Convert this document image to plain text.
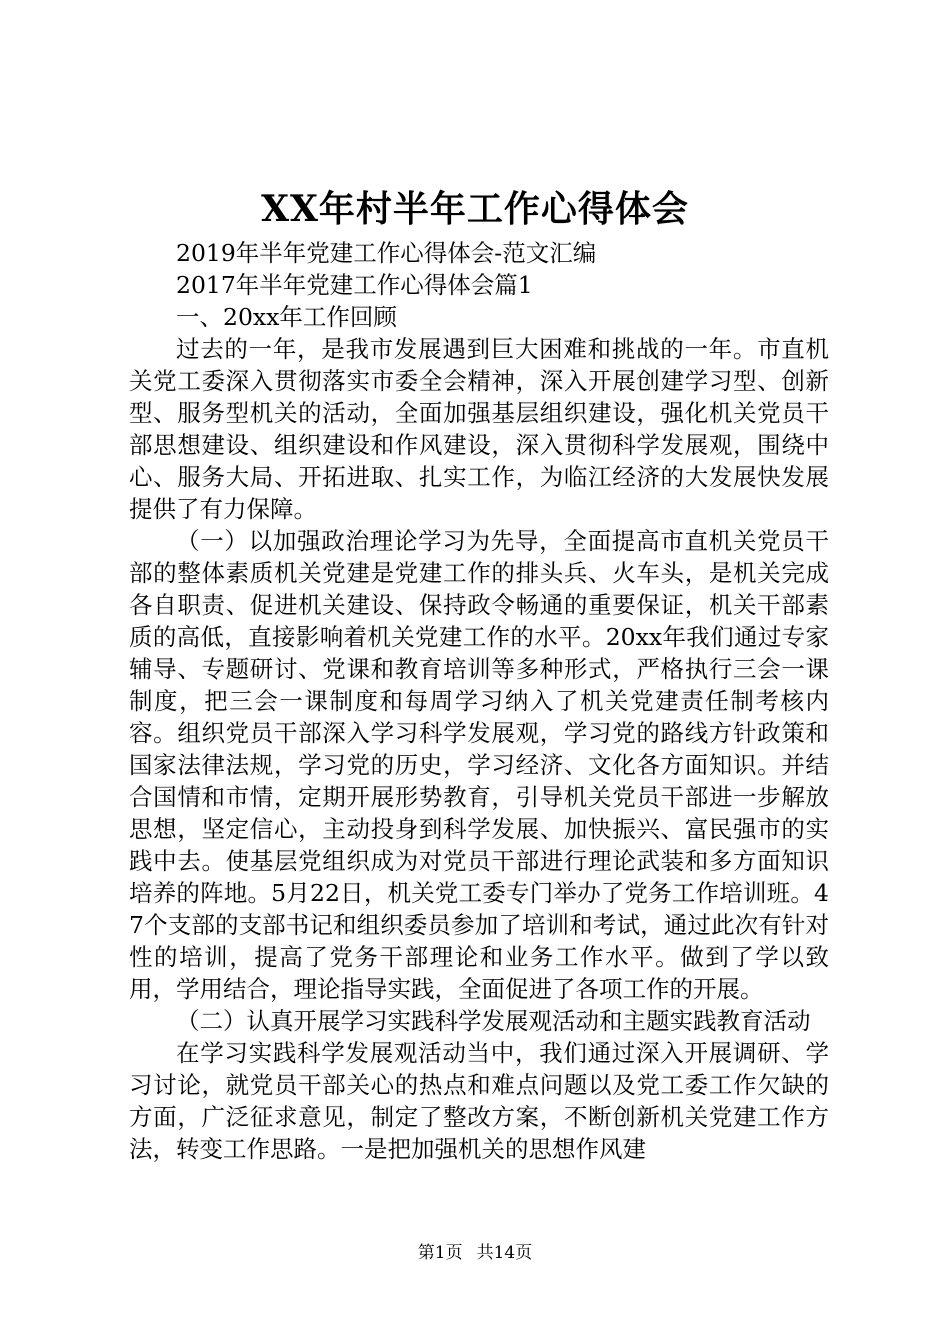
XX年村半年工作心得体会

2019年半年党建工作心得体会-范文汇编

2017年半年党建工作心得体会篇1

一、20xx年工作回顾

过去的一年，是我市发展遇到巨大困难和挑战的一年。市直机关党工委深入贯彻落实市委全会精神，深入开展创建学习型、创新型、服务型机关的活动，全面加强基层组织建设，强化机关党员干部思想建设、组织建设和作风建设，深入贯彻科学发展观，围绕中心、服务大局、开拓进取、扎实工作，为临江经济的大发展快发展提供了有力保障。

（一）以加强政治理论学习为先导，全面提高市直机关党员干部的整体素质机关党建是党建工作的排头兵、火车头，是机关完成各自职责、促进机关建设、保持政令畅通的重要保证，机关干部素质的高低，直接影响着机关党建工作的水平。20xx年我们通过专家辅导、专题研讨、党课和教育培训等多种形式，严格执行三会一课制度，把三会一课制度和每周学习纳入了机关党建责任制考核内容。组织党员干部深入学习科学发展观，学习党的路线方针政策和国家法律法规，学习党的历史，学习经济、文化各方面知识。并结合国情和市情，定期开展形势教育，引导机关党员干部进一步解放思想，坚定信心，主动投身到科学发展、加快振兴、富民强市的实践中去。使基层党组织成为对党员干部进行理论武装和多方面知识培养的阵地。5月22日，机关党工委专门举办了党务工作培训班。47个支部的支部书记和组织委员参加了培训和考试，通过此次有针对性的培训，提高了党务干部理论和业务工作水平。做到了学以致用，学用结合，理论指导实践，全面促进了各项工作的开展。

（二）认真开展学习实践科学发展观活动和主题实践教育活动

在学习实践科学发展观活动当中，我们通过深入开展调研、学习讨论，就党员干部关心的热点和难点问题以及党工委工作欠缺的方面，广泛征求意见，制定了整改方案，不断创新机关党建工作方法，转变工作思路。一是把加强机关的思想作风建

第1页 共14页
